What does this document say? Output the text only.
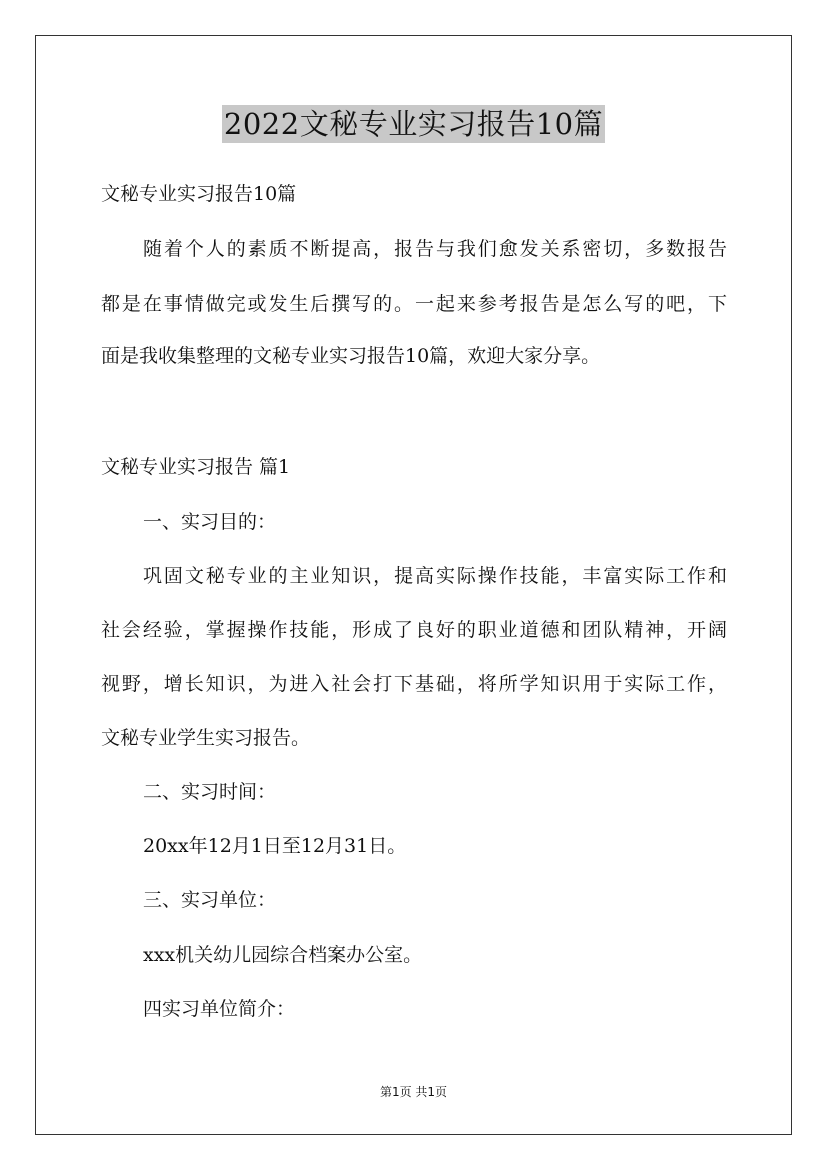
2022文秘专业实习报告10篇

文秘专业实习报告10篇

随着个人的素质不断提高，报告与我们愈发关系密切，多数报告

都是在事情做完或发生后撰写的。一起来参考报告是怎么写的吧，下

面是我收集整理的文秘专业实习报告10篇，欢迎大家分享。

文秘专业实习报告 篇1

一、实习目的：

巩固文秘专业的主业知识，提高实际操作技能，丰富实际工作和

社会经验，掌握操作技能，形成了良好的职业道德和团队精神，开阔

视野，增长知识，为进入社会打下基础，将所学知识用于实际工作，

文秘专业学生实习报告。

二、实习时间：

20xx年12月1日至12月31日。

三、实习单位：

xxx机关幼儿园综合档案办公室。

四实习单位简介：

第1页 共1页
